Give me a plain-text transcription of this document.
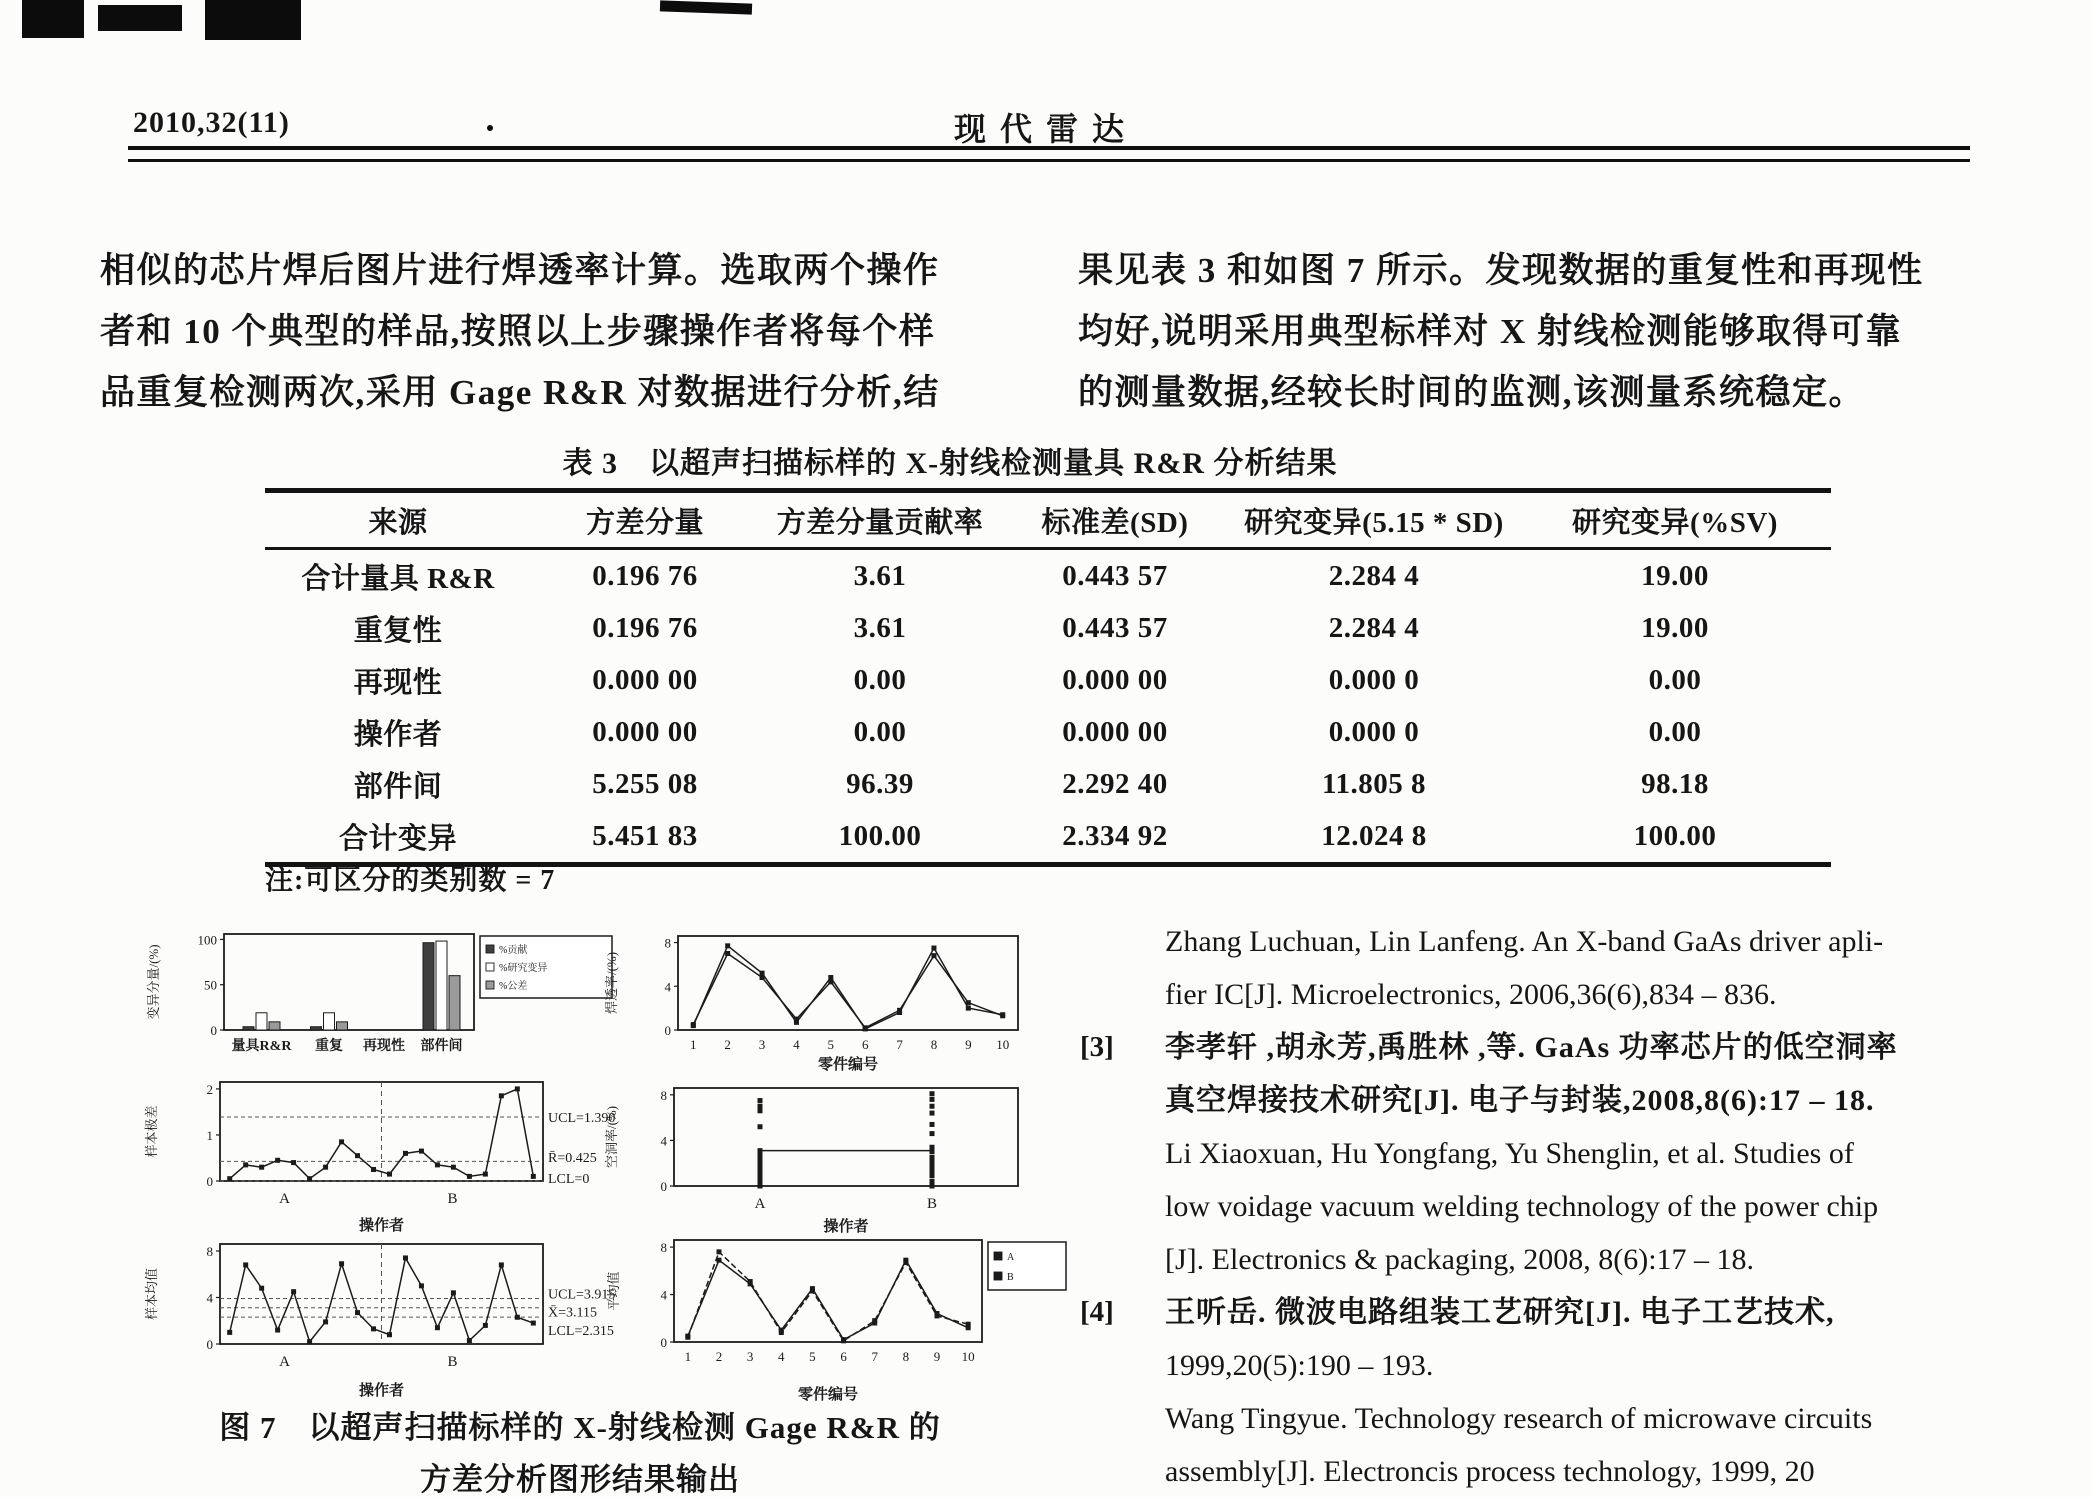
2010,32(11)	现代雷达
相似的芯片焊后图片进行焊透率计算。选取两个操作
者和 10 个典型的样品,按照以上步骤操作者将每个样
品重复检测两次,采用 Gage R&R 对数据进行分析,结
果见表 3 和如图 7 所示。发现数据的重复性和再现性
均好,说明采用典型标样对 X 射线检测能够取得可靠
的测量数据,经较长时间的监测,该测量系统稳定。
表 3　以超声扫描标样的 X-射线检测量具 R&R 分析结果
来源	方差分量	方差分量贡献率	标准差(SD)	研究变异(5.15 * SD)	研究变异(%SV)
合计量具 R&R	0.196 76	3.61	0.443 57	2.284 4	19.00
重复性	0.196 76	3.61	0.443 57	2.284 4	19.00
再现性	0.000 00	0.00	0.000 00	0.000 0	0.00
操作者	0.000 00	0.00	0.000 00	0.000 0	0.00
部件间	5.255 08	96.39	2.292 40	11.805 8	98.18
合计变异	5.451 83	100.00	2.334 92	12.024 8	100.00
注:可区分的类别数 = 7
0
50
100
变异分量/(%)
量具R&R 重复 再现性 部件间
%贡献
%研究变异
%公差
0
4
8
焊透率/(%)
1 2 3 4 5 6 7 8 9 10
零件编号
0
1
2
样本极差	UCL=1.390
R̄=0.425
LCL=0
A	B
操作者
0
4
8
空洞率/(%)
A	B
操作者
0
4
8
样本均值	UCL=3.915
X̄=3.115
LCL=2.315
A	B
操作者
0
4
8
平均值
1 2 3 4 5 6 7 8 9 10
零件编号
A
B
图 7　以超声扫描标样的 X-射线检测 Gage R&R 的
方差分析图形结果输出
Zhang Luchuan, Lin Lanfeng. An X-band GaAs driver apli-
fier IC[J]. Microelectronics, 2006,36(6),834 – 836.
[3] 李孝轩 ,胡永芳,禹胜林 ,等. GaAs 功率芯片的低空洞率
真空焊接技术研究[J]. 电子与封装,2008,8(6):17 – 18.
Li Xiaoxuan, Hu Yongfang, Yu Shenglin, et al. Studies of
low voidage vacuum welding technology of the power chip
[J]. Electronics & packaging, 2008, 8(6):17 – 18.
[4] 王听岳. 微波电路组装工艺研究[J]. 电子工艺技术,
1999,20(5):190 – 193.
Wang Tingyue. Technology research of microwave circuits
assembly[J]. Electroncis process technology, 1999, 20
